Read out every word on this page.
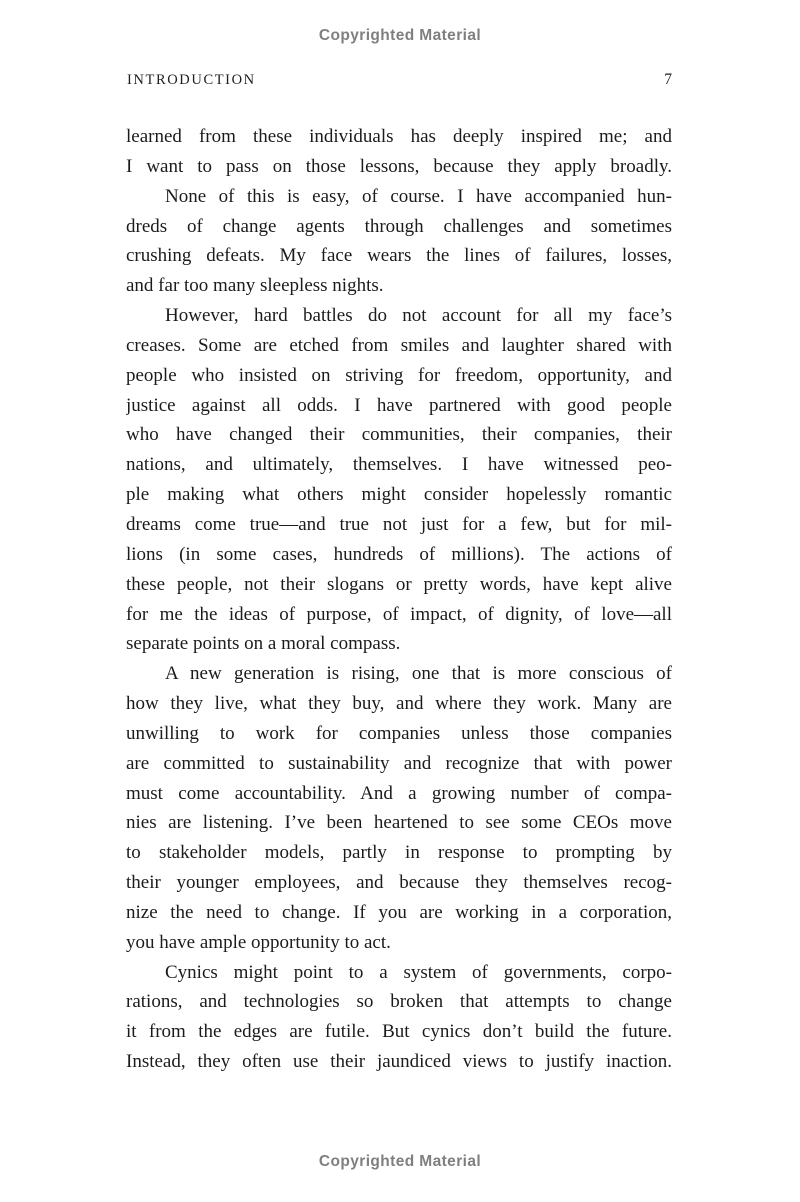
Copyrighted Material
INTRODUCTION	7
learned from these individuals has deeply inspired me; and
I want to pass on those lessons, because they apply broadly.
None of this is easy, of course. I have accompanied hun-
dreds of change agents through challenges and sometimes
crushing defeats. My face wears the lines of failures, losses,
and far too many sleepless nights.
However, hard battles do not account for all my face’s
creases. Some are etched from smiles and laughter shared with
people who insisted on striving for freedom, opportunity, and
justice against all odds. I have partnered with good people
who have changed their communities, their companies, their
nations, and ultimately, themselves. I have witnessed peo-
ple making what others might consider hopelessly romantic
dreams come true—and true not just for a few, but for mil-
lions (in some cases, hundreds of millions). The actions of
these people, not their slogans or pretty words, have kept alive
for me the ideas of purpose, of impact, of dignity, of love—all
separate points on a moral compass.
A new generation is rising, one that is more conscious of
how they live, what they buy, and where they work. Many are
unwilling to work for companies unless those companies
are committed to sustainability and recognize that with power
must come accountability. And a growing number of compa-
nies are listening. I’ve been heartened to see some CEOs move
to stakeholder models, partly in response to prompting by
their younger employees, and because they themselves recog-
nize the need to change. If you are working in a corporation,
you have ample opportunity to act.
Cynics might point to a system of governments, corpo-
rations, and technologies so broken that attempts to change
it from the edges are futile. But cynics don’t build the future.
Instead, they often use their jaundiced views to justify inaction.
Copyrighted Material
